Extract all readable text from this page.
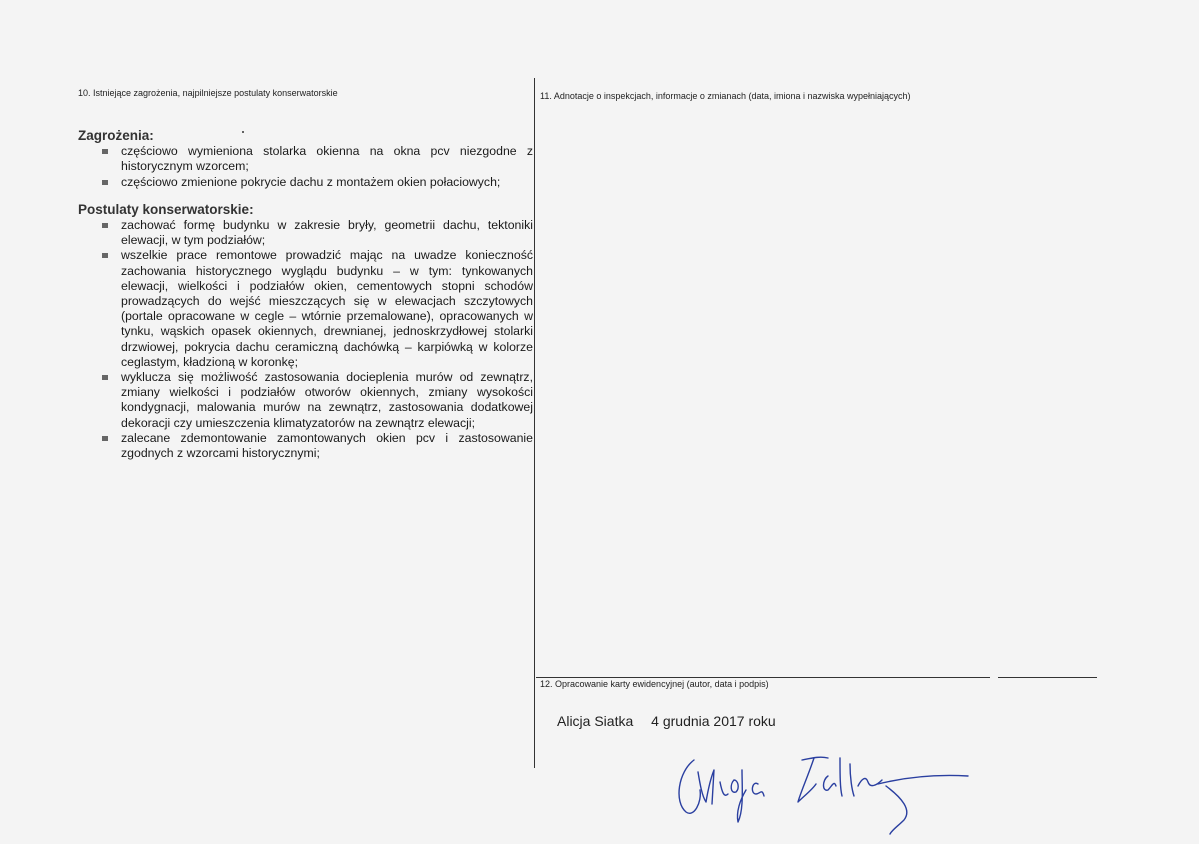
10. Istniejące zagrożenia, najpilniejsze postulaty konserwatorskie	11. Adnotacje o inspekcjach, informacje o zmianach (data, imiona i nazwiska wypełniających)
12. Opracowanie karty ewidencyjnej (autor, data i podpis)

Zagrożenia:

częściowo wymieniona stolarka okienna na okna pcv niezgodne z historycznym wzorcem;
częściowo zmienione pokrycie dachu z montażem okien połaciowych;

Postulaty konserwatorskie:

zachować formę budynku w zakresie bryły, geometrii dachu, tektoniki elewacji, w tym podziałów;
wszelkie prace remontowe prowadzić mając na uwadze konieczność zachowania historycznego wyglądu budynku – w tym: tynkowanych elewacji, wielkości i podziałów okien, cementowych stopni schodów prowadzących do wejść mieszczących się w elewacjach szczytowych (portale opracowane w cegle – wtórnie przemalowane), opracowanych w tynku, wąskich opasek okiennych, drewnianej, jednoskrzydłowej stolarki drzwiowej, pokrycia dachu ceramiczną dachówką – karpiówką w kolorze ceglastym, kładzioną w koronkę;
wyklucza się możliwość zastosowania docieplenia murów od zewnątrz, zmiany wielkości i podziałów otworów okiennych, zmiany wysokości kondygnacji, malowania murów na zewnątrz, zastosowania dodatkowej dekoracji czy umieszczenia klimatyzatorów na zewnątrz elewacji;
zalecane zdemontowanie zamontowanych okien pcv i zastosowanie zgodnych z wzorcami historycznymi;
Alicja Siatka 4 grudnia 2017 roku
